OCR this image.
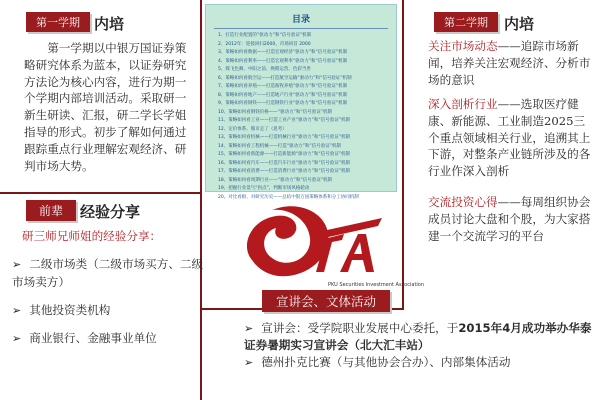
第一学期 内培
第一学期以中银万国证券策略研究体系为蓝本，以证券研究方法论为核心内容，进行为期一个学期内部培训活动。采取研一新生研读、汇报，研二学长学姐指导的形式。初步了解如何通过跟踪重点行业理解宏观经济、研判市场大势。
目录
1、打造行业配置的“驱动力”和“信号验证”机制
2、2012年：迎接回归2000、市场回首 2000
3、策略如何看数据——打造宏观经济“驱动力”和“信号验证”机制
4、策略如何看利率——打造宏观利率“驱动力”和“信号验证”机制
5、煤飞色舞、中阳之前、换期运营、色彩当世
6、策略如何看航空运——打造航空运输“驱动力”和“信号验证”机制
7、策略如何看养殖——打造畜牧养殖“驱动力”和“信号验证”机制
8、策略如何看地产——打造地产行业“驱动力”和“信号验证”机制
9、策略如何看钢铁——打造钢铁行业“驱动力”和“信号验证”机制
10、策略如何看钢铁价格——“驱动力”和“信号验证”机制
11、策略如何看工业——打造工业产业“驱动力”和“信号验证”机制
12、定价体系、熊市走了（思考）
13、策略如何看机械——打造机械行业“驱动力”和“信号验证”机制
14、策略如何看工程机械——打造“驱动力”和“信号验证”机制
15、策略如何看新能源——打造新能源“驱动力”和“信号验证”机制
16、策略如何看汽车——打造汽车行业“驱动力”和“信号验证”机制
17、策略如何看消费——打造消费行业“驱动力”和“信号验证”机制
18、策略如何看周期行业——“驱动力”和“信号验证”机制
19、把握行业景气“拐点”，判断市场风格轮动
20、对比看板、对研究历史——总结中银万国策略体系和分工协同机制
第二学期 内培
关注市场动态——追踪市场新闻，培养关注宏观经济、分析市场的意识
深入剖析行业——选取医疗健康、新能源、工业制造2025三个重点领域相关行业，追溯其上下游，对整条产业链所涉及的各行业作深入剖析
交流投资心得——每周组织协会成员讨论大盘和个股，为大家搭建一个交流学习的平台
前辈 经验分享
研三师兄师姐的经验分享：
➢ 二级市场类（二级市场买方、二级市场卖方）
➢ 其他投资类机构
➢ 商业银行、金融事业单位
PKU Securities Investment Association
宣讲会、文体活动
➢ 宣讲会：受学院职业发展中心委托，于2015年4月成功举办华泰证券暑期实习宣讲会（北大汇丰站）
➢ 德州扑克比赛（与其他协会合办）、内部集体活动
